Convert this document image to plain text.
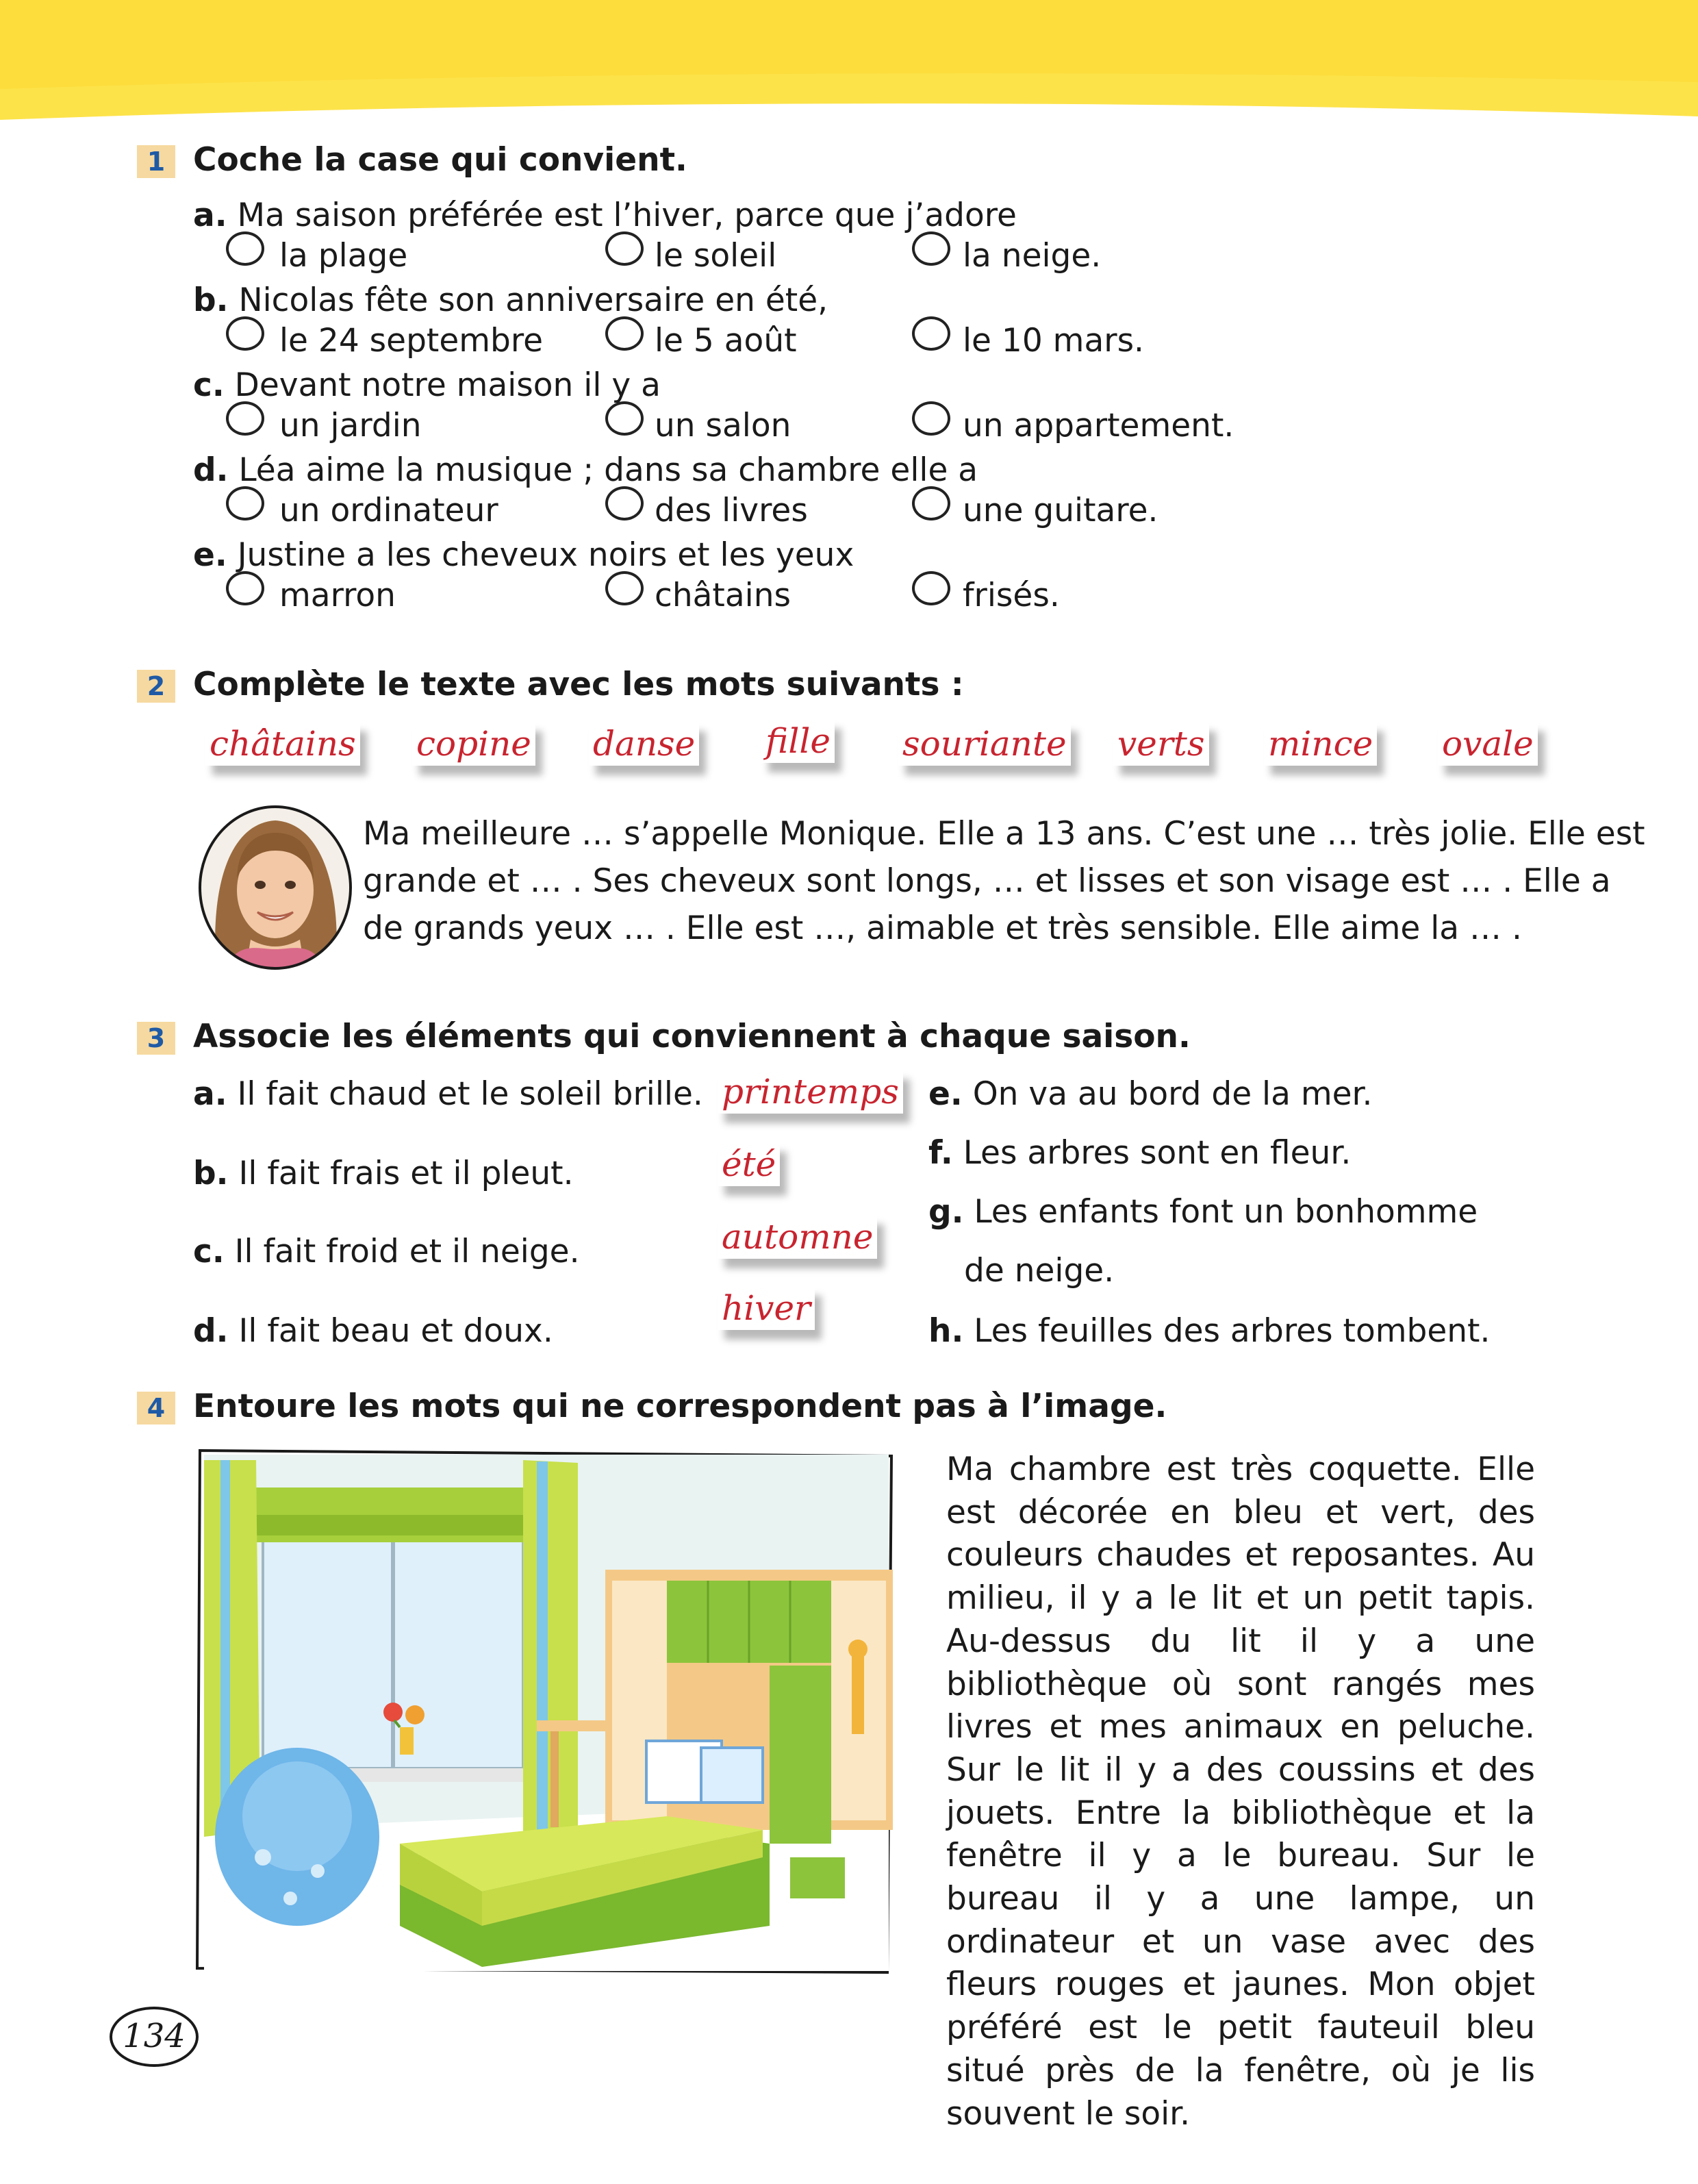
1 Coche la case qui convient.
a. Ma saison préférée est l’hiver, parce que j’adore
la plage	le soleil	la neige.
b. Nicolas fête son anniversaire en été,
le 24 septembre	le 5 août	le 10 mars.
c. Devant notre maison il y a
un jardin	un salon	un appartement.
d. Léa aime la musique ; dans sa chambre elle a
un ordinateur	des livres	une guitare.
e. Justine a les cheveux noirs et les yeux
marron	châtains	frisés.
2 Complète le texte avec les mots suivants :
châtains copine danse fille souriante verts mince ovale
Ma meilleure … s’appelle Monique. Elle a 13 ans. C’est une … très jolie. Elle est
grande et … . Ses cheveux sont longs, … et lisses et son visage est … . Elle a
de grands yeux … . Elle est …, aimable et très sensible. Elle aime la … .
3 Associe les éléments qui conviennent à chaque saison.
a. Il fait chaud et le soleil brille.
b. Il fait frais et il pleut.
c. Il fait froid et il neige.
d. Il fait beau et doux.
printemps
été
automne
hiver
e. On va au bord de la mer.
f. Les arbres sont en fleur.
g. Les enfants font un bonhomme
de neige.
h. Les feuilles des arbres tombent.
4 Entoure les mots qui ne correspondent pas à l’image.
Ma chambre est très coquette. Elle est décorée en bleu et vert, des couleurs chaudes et reposantes. Au milieu, il y a le lit et un petit tapis. Au-dessus du lit il y a une bibliothèque où sont rangés mes livres et mes animaux en peluche. Sur le lit il y a des coussins et des jouets. Entre la bibliothèque et la fenêtre il y a le bureau. Sur le bureau il y a une lampe, un ordinateur et un vase avec des fleurs rouges et jaunes. Mon objet préféré est le petit fauteuil bleu situé près de la fenêtre, où je lis souvent le soir.
134
